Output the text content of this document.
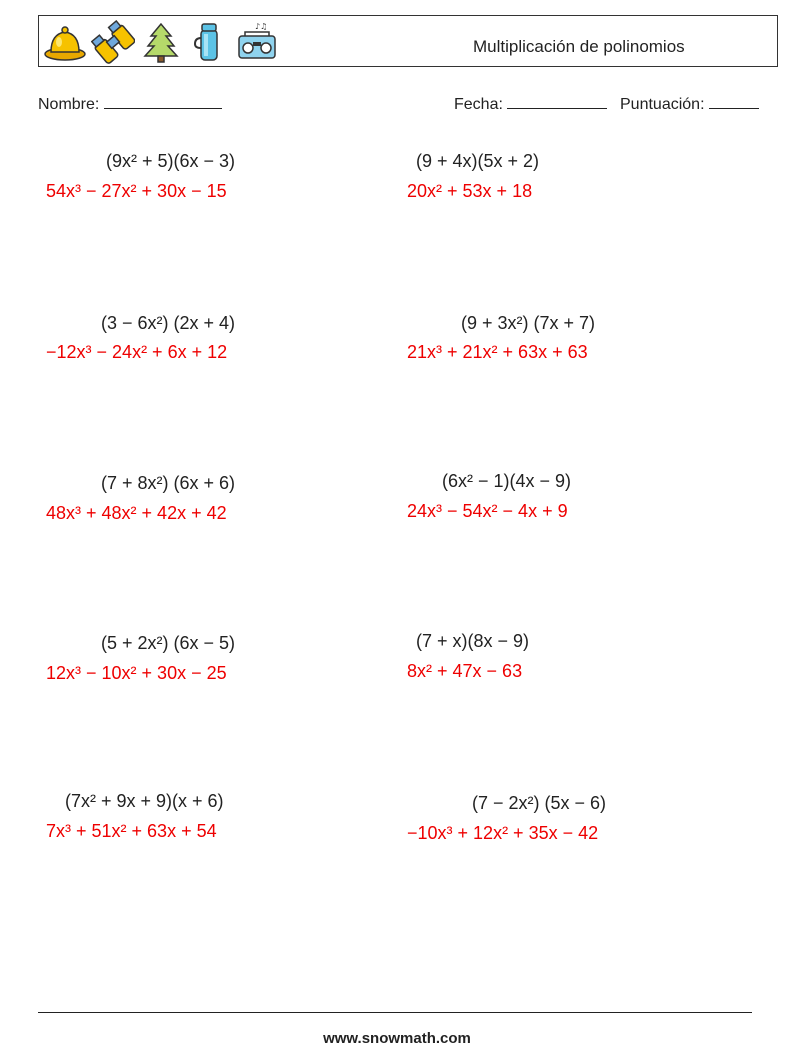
♪♫
Multiplicación de polinomios
Nombre:	Fecha:	Puntuación:
(9x² + 5)(6x − 3)
54x³ − 27x² + 30x − 15
(9 + 4x)(5x + 2)
20x² + 53x + 18
(3 − 6x²) (2x + 4)
−12x³ − 24x² + 6x + 12
(9 + 3x²) (7x + 7)
21x³ + 21x² + 63x + 63
(7 + 8x²) (6x + 6)
48x³ + 48x² + 42x + 42
(6x² − 1)(4x − 9)
24x³ − 54x² − 4x + 9
(5 + 2x²) (6x − 5)
12x³ − 10x² + 30x − 25
(7 + x)(8x − 9)
8x² + 47x − 63
(7x² + 9x + 9)(x + 6)
7x³ + 51x² + 63x + 54
(7 − 2x²) (5x − 6)
−10x³ + 12x² + 35x − 42
www.snowmath.com
